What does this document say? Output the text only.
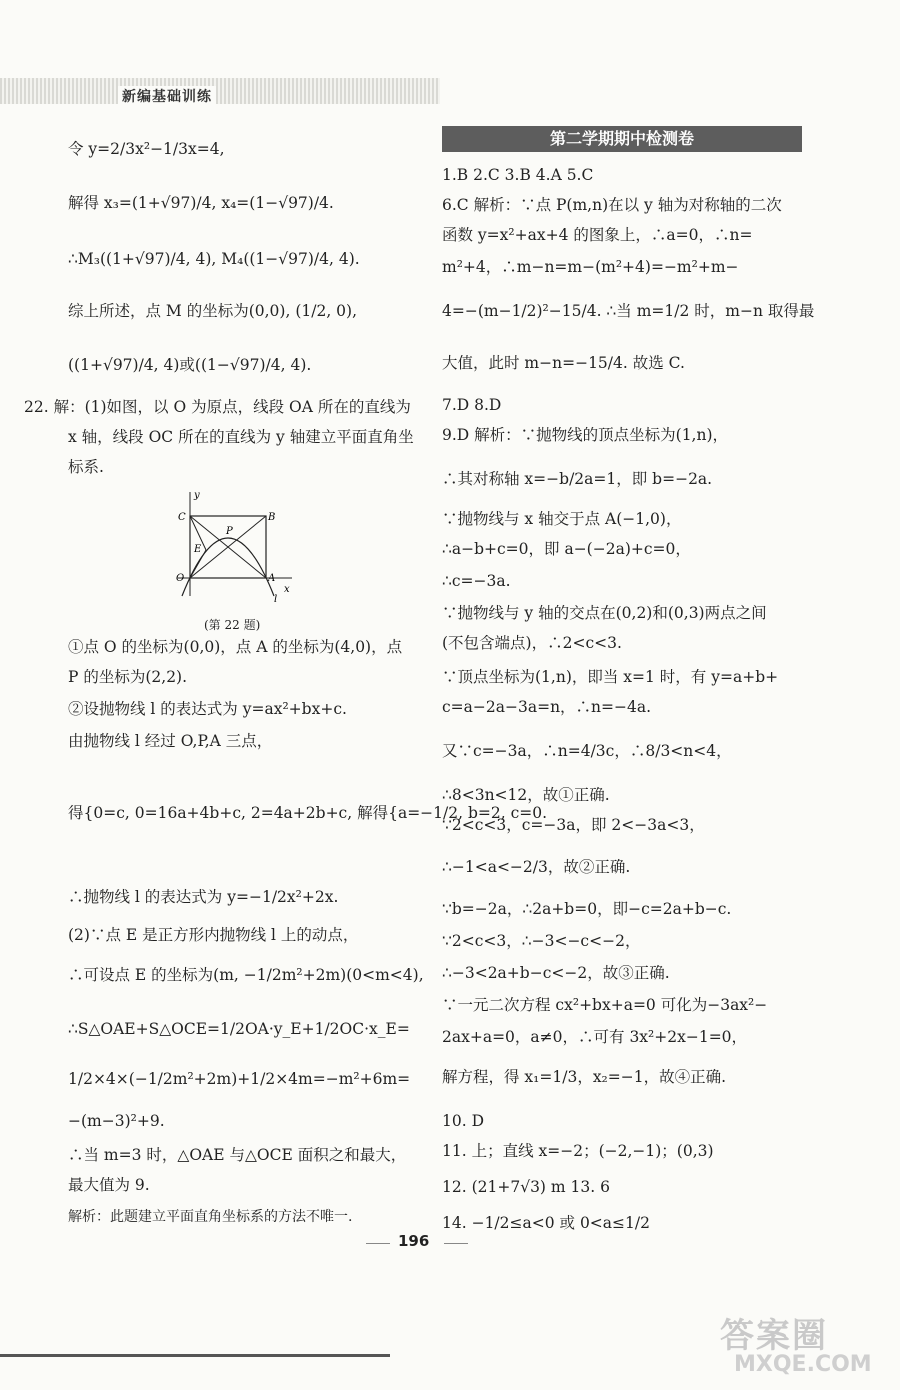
新编基础训练
令 y=2/3x²−1/3x=4,
解得 x₃=(1+√97)/4, x₄=(1−√97)/4.
∴M₃((1+√97)/4, 4), M₄((1−√97)/4, 4).
综上所述，点 M 的坐标为(0,0), (1/2, 0),
((1+√97)/4, 4)或((1−√97)/4, 4).
22. 解：(1)如图，以 O 为原点，线段 OA 所在的直线为
x 轴，线段 OC 所在的直线为 y 轴建立平面直角坐
标系.
y
C	B
P
E
O	A
l
x
(第 22 题)
①点 O 的坐标为(0,0)，点 A 的坐标为(4,0)，点
P 的坐标为(2,2).
②设抛物线 l 的表达式为 y=ax²+bx+c.
由抛物线 l 经过 O,P,A 三点，
得{0=c, 0=16a+4b+c, 2=4a+2b+c, 解得{a=−1/2, b=2, c=0.
∴抛物线 l 的表达式为 y=−1/2x²+2x.
(2)∵点 E 是正方形内抛物线 l 上的动点，
∴可设点 E 的坐标为(m, −1/2m²+2m)(0<m<4),
∴S△OAE+S△OCE=1/2OA·y_E+1/2OC·x_E=
1/2×4×(−1/2m²+2m)+1/2×4m=−m²+6m=
−(m−3)²+9.
∴当 m=3 时，△OAE 与△OCE 面积之和最大，
最大值为 9.
解析：此题建立平面直角坐标系的方法不唯一.
第二学期期中检测卷
1.B 2.C 3.B 4.A 5.C
6.C 解析：∵点 P(m,n)在以 y 轴为对称轴的二次
函数 y=x²+ax+4 的图象上，∴a=0，∴n=
m²+4，∴m−n=m−(m²+4)=−m²+m−
4=−(m−1/2)²−15/4. ∴当 m=1/2 时，m−n 取得最
大值，此时 m−n=−15/4. 故选 C.
7.D 8.D
9.D 解析：∵抛物线的顶点坐标为(1,n)，
∴其对称轴 x=−b/2a=1，即 b=−2a.
∵抛物线与 x 轴交于点 A(−1,0)，
∴a−b+c=0，即 a−(−2a)+c=0，
∴c=−3a.
∵抛物线与 y 轴的交点在(0,2)和(0,3)两点之间
(不包含端点)，∴2<c<3.
∵顶点坐标为(1,n)，即当 x=1 时，有 y=a+b+
c=a−2a−3a=n，∴n=−4a.
又∵c=−3a，∴n=4/3c，∴8/3<n<4，
∴8<3n<12，故①正确.
∵2<c<3，c=−3a，即 2<−3a<3，
∴−1<a<−2/3，故②正确.
∵b=−2a，∴2a+b=0，即−c=2a+b−c.
∵2<c<3，∴−3<−c<−2，
∴−3<2a+b−c<−2，故③正确.
∵一元二次方程 cx²+bx+a=0 可化为−3ax²−
2ax+a=0，a≠0，∴可有 3x²+2x−1=0，
解方程，得 x₁=1/3，x₂=−1，故④正确.
10. D
11. 上；直线 x=−2；(−2,−1)；(0,3)
12. (21+7√3) m 13. 6
14. −1/2≤a<0 或 0<a≤1/2
196
答案圈
MXQE.COM
